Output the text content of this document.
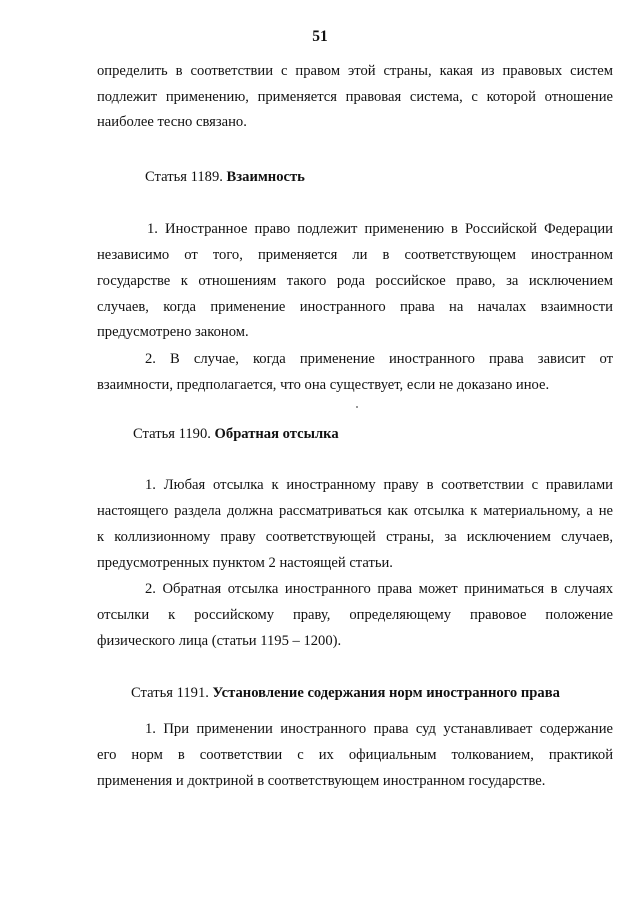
51
определить в соответствии с правом этой страны, какая из правовых систем
подлежит применению, применяется правовая система, с которой отношение
наиболее тесно связано.
Статья 1189. Взаимность
1. Иностранное право подлежит применению в Российской Федерации
независимо от того, применяется ли в соответствующем иностранном
государстве к отношениям такого рода российское право, за исключением
случаев, когда применение иностранного права на началах взаимности
предусмотрено законом.
2. В случае, когда применение иностранного права зависит от
взаимности, предполагается, что она существует, если не доказано иное.
Статья 1190. Обратная отсылка
1. Любая отсылка к иностранному праву в соответствии с правилами
настоящего раздела должна рассматриваться как отсылка к материальному, а не
к коллизионному праву соответствующей страны, за исключением случаев,
предусмотренных пунктом 2 настоящей статьи.
2. Обратная отсылка иностранного права может приниматься в случаях
отсылки к российскому праву, определяющему правовое положение
физического лица (статьи 1195 – 1200).
Статья 1191. Установление содержания норм иностранного права
1. При применении иностранного права суд устанавливает содержание
его норм в соответствии с их официальным толкованием, практикой
применения и доктриной в соответствующем иностранном государстве.
